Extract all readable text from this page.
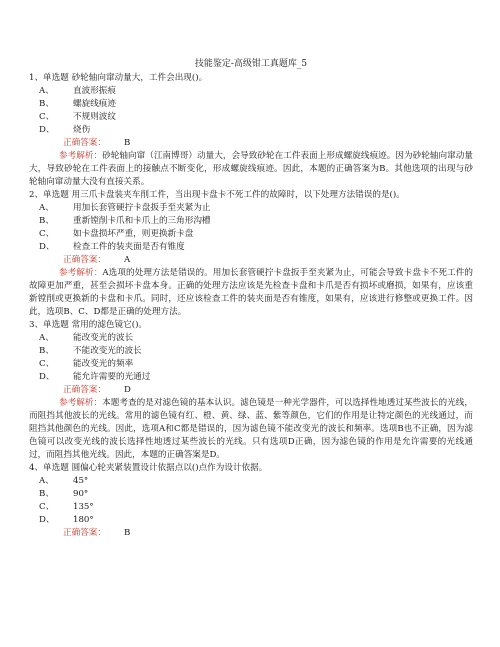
技能鉴定-高级钳工真题库_5
1、单选题 砂轮轴向窜动量大，工件会出现()。
A、 直波形振痕
B、 螺旋线痕迹
C、 不规则波纹
D、 烧伤
正确答案： B
参考解析：砂轮轴向窜（江南博哥）动量大，会导致砂轮在工件表面上形成螺旋线痕迹。因为砂轮轴向窜动量大，导致砂轮在工件表面上的接触点不断变化，形成螺旋线痕迹。因此，本题的正确答案为B。其他选项的出现与砂轮轴向窜动量大没有直接关系。
2、单选题 用三爪卡盘装夹车削工件，当出现卡盘卡不死工件的故障时，以下处理方法错误的是()。
A、 用加长套管硬拧卡盘扳手至夹紧为止
B、 重新镗削卡爪和卡爪上的三角形沟槽
C、 如卡盘损坏严重，则更换新卡盘
D、 检查工件的装夹面是否有锥度
正确答案： A
参考解析：A选项的处理方法是错误的。用加长套管硬拧卡盘扳手至夹紧为止，可能会导致卡盘卡不死工件的故障更加严重，甚至会损坏卡盘本身。正确的处理方法应该是先检查卡盘和卡爪是否有损坏或磨损，如果有，应该重新镗削或更换新的卡盘和卡爪。同时，还应该检查工件的装夹面是否有锥度，如果有，应该进行修整或更换工件。因此，选项B、C、D都是正确的处理方法。
3、单选题 常用的滤色镜它()。
A、 能改变光的波长
B、 不能改变光的波长
C、 能改变光的频率
D、 能允许需要的光通过
正确答案： D
参考解析：本题考查的是对滤色镜的基本认识。滤色镜是一种光学器件，可以选择性地透过某些波长的光线，而阻挡其他波长的光线。常用的滤色镜有红、橙、黄、绿、蓝、紫等颜色，它们的作用是让特定颜色的光线通过，而阻挡其他颜色的光线。因此，选项A和C都是错误的，因为滤色镜不能改变光的波长和频率。选项B也不正确，因为滤色镜可以改变光线的波长选择性地透过某些波长的光线。只有选项D正确，因为滤色镜的作用是允许需要的光线通过，而阻挡其他光线。因此，本题的正确答案是D。
4、单选题 圆偏心轮夹紧装置设计依据点以()点作为设计依据。
A、 45°
B、 90°
C、 135°
D、 180°
正确答案： B
